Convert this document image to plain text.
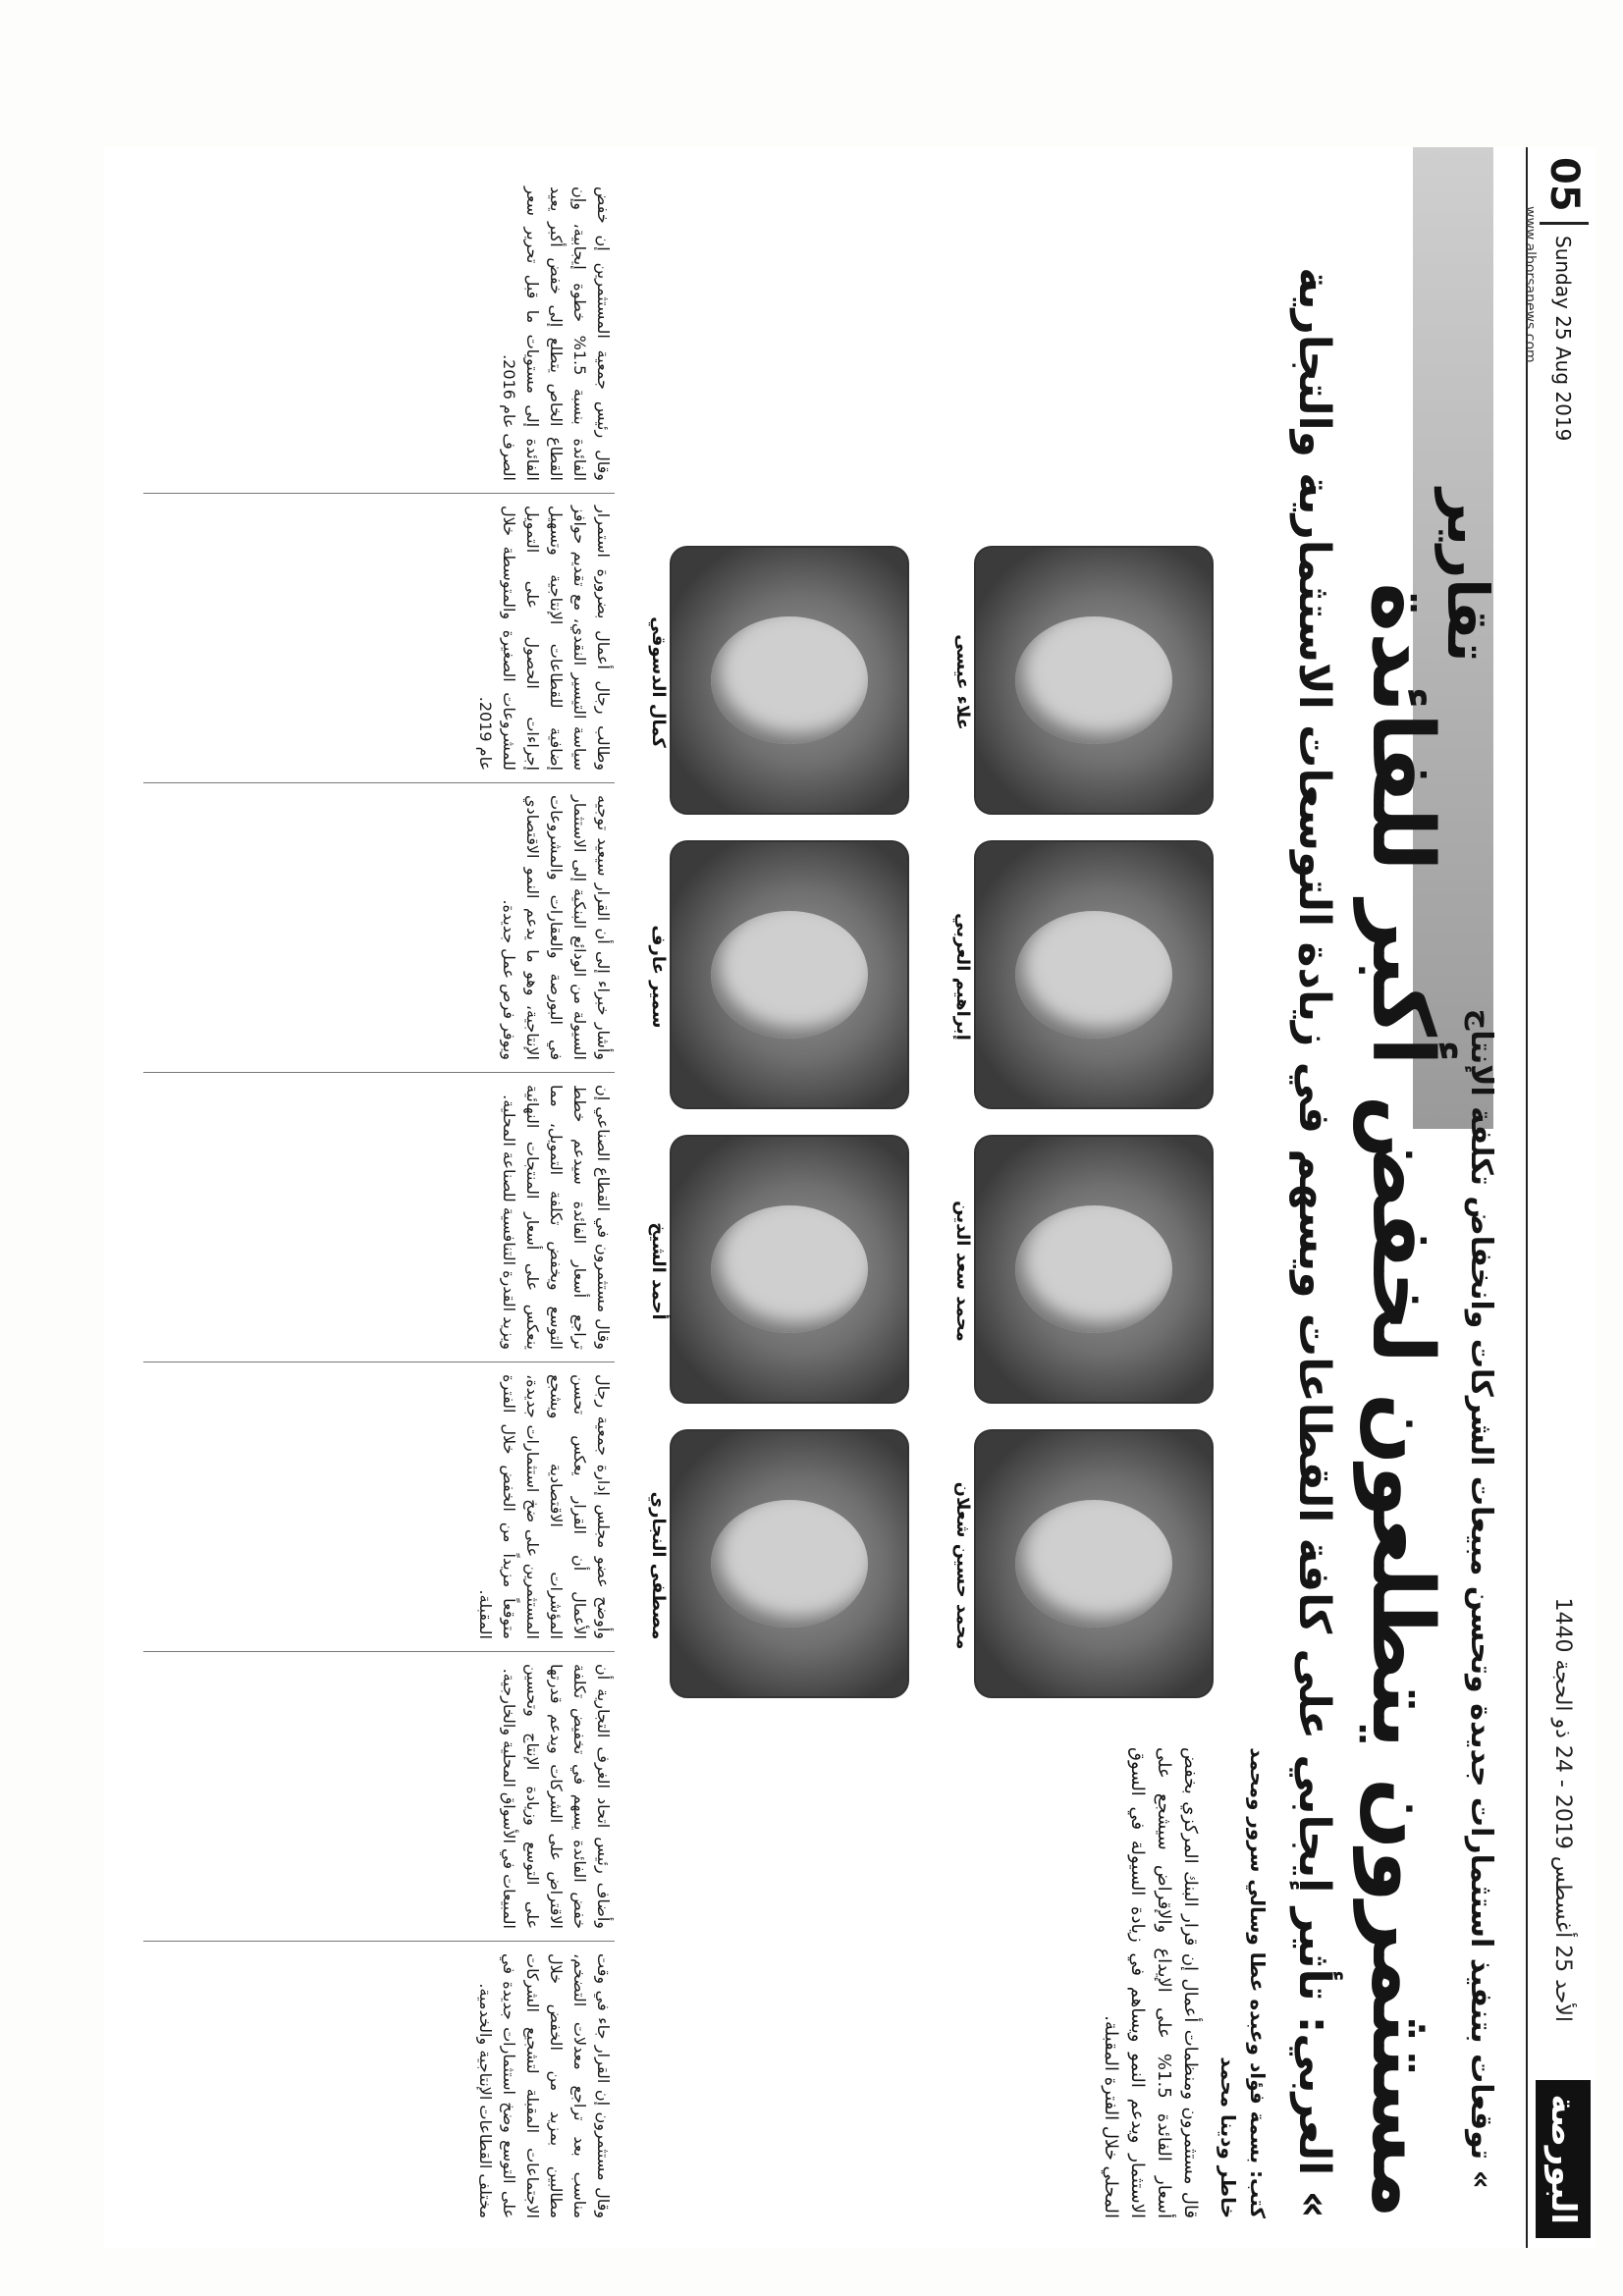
البورصة
الأحد 25 أغسطس 2019 - 24 ذو الحجة 1440
05
Sunday 25 Aug 2019
www.alborsanews.com
تقارير
» توقعات بتنفيذ استثمارات جديدة وتحسن مبيعات الشركات وانخفاض تكلفة الإنتاج
مستثمرون يتطلعون لخفض أكبر للفائدة
» العربي: تأثير إيجابي على كافة القطاعات ويسهم في زيادة التوسعات الاستثمارية والتجارية
كتب: بسمة فؤاد وعبده عطا وسالي سرور ومحمد خاطر ودينا محمد
قال مستثمرون ومنظمات أعمال إن قرار البنك المركزي بخفض أسعار الفائدة 1.5% على الإيداع والإقراض سيشجع على الاستثمار ويدعم النمو ويساهم في زيادة السيولة في السوق المحلي خلال الفترة المقبلة.
محمد حسين شعلان
محمد سعد الدين
إبراهيم العربي
علاء عيسى
مصطفى النجاري
أحمد الشيخ
سمير عارف
كمال الدسوقي
وقال مستثمرون إن القرار جاء في وقت مناسب بعد تراجع معدلات التضخم، مطالبين بمزيد من الخفض خلال الاجتماعات المقبلة لتشجيع الشركات على التوسع وضخ استثمارات جديدة في مختلف القطاعات الإنتاجية والخدمية.
وأضاف رئيس اتحاد الغرف التجارية أن خفض الفائدة يسهم في تخفيض تكلفة الاقتراض على الشركات ويدعم قدرتها على التوسع وزيادة الإنتاج وتحسين المبيعات في الأسواق المحلية والخارجية.
وأوضح عضو مجلس إدارة جمعية رجال الأعمال أن القرار يعكس تحسن المؤشرات الاقتصادية ويشجع المستثمرين على ضخ استثمارات جديدة، متوقعاً مزيداً من الخفض خلال الفترة المقبلة.
وقال مستثمرون في القطاع الصناعي إن تراجع أسعار الفائدة سيدعم خطط التوسع ويخفض تكلفة التمويل، مما ينعكس على أسعار المنتجات النهائية ويزيد القدرة التنافسية للصناعة المحلية.
وأشار خبراء إلى أن القرار سيعيد توجيه السيولة من الودائع البنكية إلى الاستثمار في البورصة والعقارات والمشروعات الإنتاجية، وهو ما يدعم النمو الاقتصادي ويوفر فرص عمل جديدة.
وطالب رجال أعمال بضرورة استمرار سياسة التيسير النقدي، مع تقديم حوافز إضافية للقطاعات الإنتاجية وتسهيل إجراءات الحصول على التمويل للمشروعات الصغيرة والمتوسطة خلال عام 2019.
وقال رئيس جمعية المستثمرين إن خفض الفائدة بنسبة 1.5% خطوة إيجابية، وإن القطاع الخاص يتطلع إلى خفض أكبر يعيد الفائدة إلى مستويات ما قبل تحرير سعر الصرف عام 2016.
